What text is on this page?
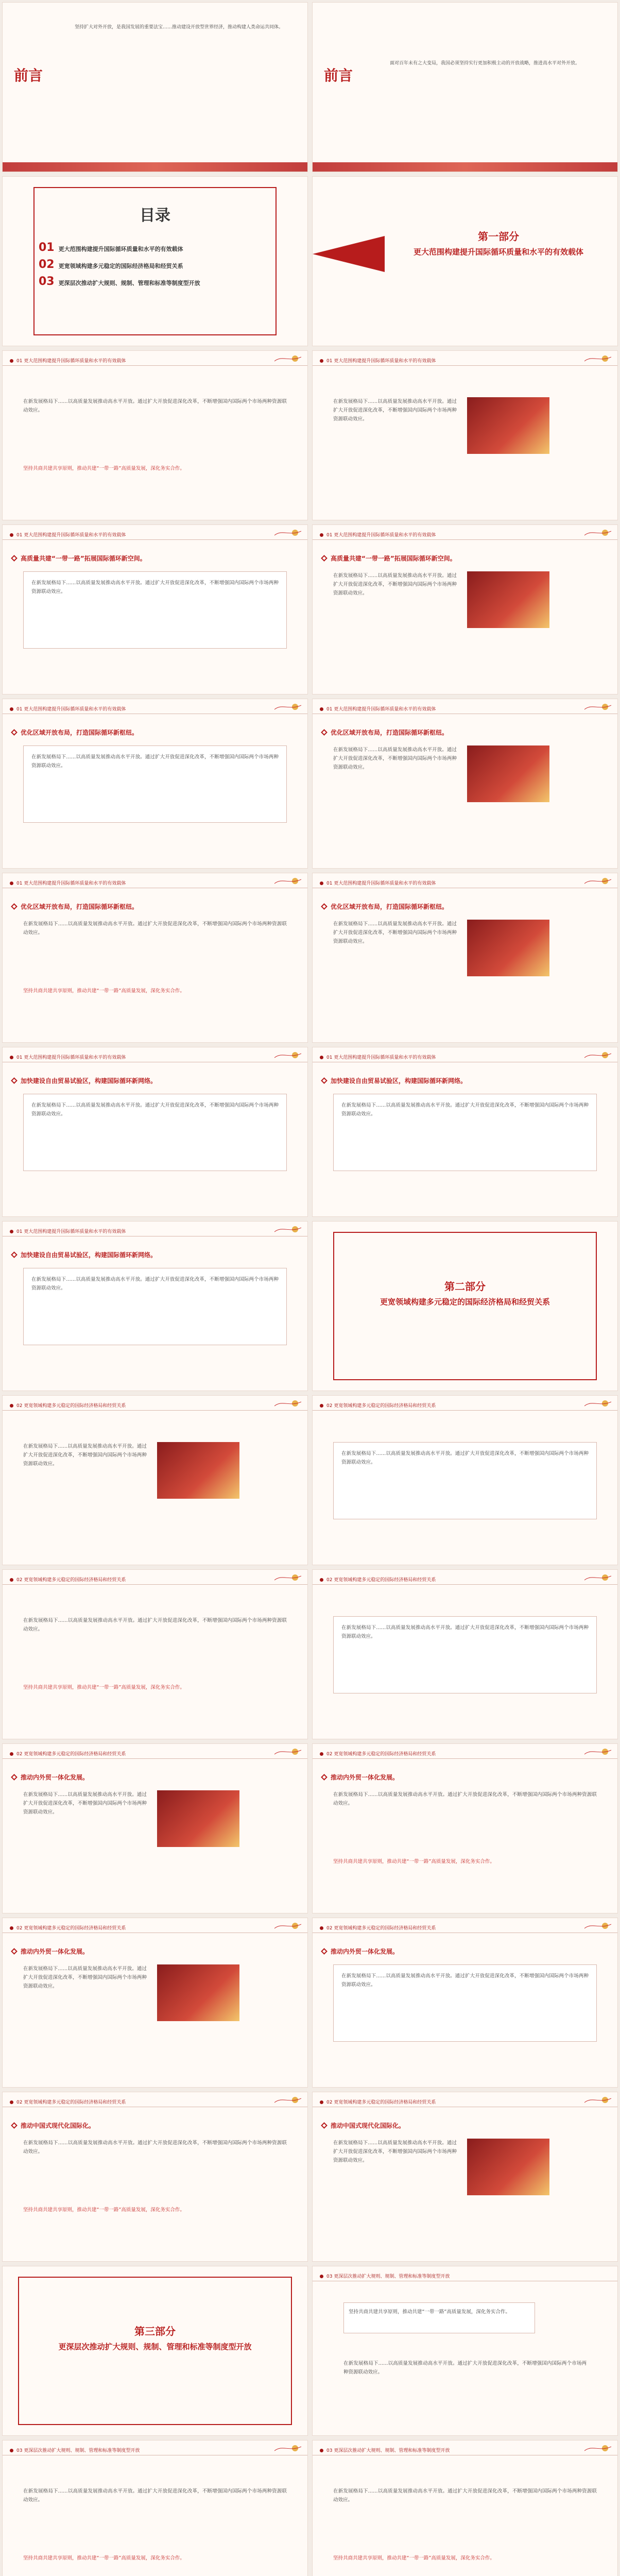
前言
坚持扩大对外开放，是我国发展的重要法宝……推动建设开放型世界经济，推动构建人类命运共同体。
前言
面对百年未有之大变局，我国必须坚持实行更加积极主动的开放战略，推进高水平对外开放。
目录
01 更大范围构建提升国际循环质量和水平的有效载体
02 更宽领域构建多元稳定的国际经济格局和经贸关系
03 更深层次推动扩大规则、规制、管理和标准等制度型开放
第一部分
更大范围构建提升国际循环质量和水平的有效载体
01 更大范围构建提升国际循环质量和水平的有效载体
在新发展格局下……以高质量发展推动高水平开放。通过扩大开放促进深化改革，不断增强国内国际两个市场两种资源联动效应。
坚持共商共建共享原则，推动共建“一带一路”高质量发展，深化务实合作。
01 更大范围构建提升国际循环质量和水平的有效载体
在新发展格局下……以高质量发展推动高水平开放。通过扩大开放促进深化改革，不断增强国内国际两个市场两种资源联动效应。
01 更大范围构建提升国际循环质量和水平的有效载体
高质量共建“一带一路”拓展国际循环新空间。
在新发展格局下……以高质量发展推动高水平开放。通过扩大开放促进深化改革，不断增强国内国际两个市场两种资源联动效应。
01 更大范围构建提升国际循环质量和水平的有效载体
高质量共建“一带一路”拓展国际循环新空间。
在新发展格局下……以高质量发展推动高水平开放。通过扩大开放促进深化改革，不断增强国内国际两个市场两种资源联动效应。
01 更大范围构建提升国际循环质量和水平的有效载体
优化区域开放布局，打造国际循环新枢纽。
在新发展格局下……以高质量发展推动高水平开放。通过扩大开放促进深化改革，不断增强国内国际两个市场两种资源联动效应。
01 更大范围构建提升国际循环质量和水平的有效载体
优化区域开放布局，打造国际循环新枢纽。
在新发展格局下……以高质量发展推动高水平开放。通过扩大开放促进深化改革，不断增强国内国际两个市场两种资源联动效应。
01 更大范围构建提升国际循环质量和水平的有效载体
优化区域开放布局，打造国际循环新枢纽。
在新发展格局下……以高质量发展推动高水平开放。通过扩大开放促进深化改革，不断增强国内国际两个市场两种资源联动效应。
坚持共商共建共享原则，推动共建“一带一路”高质量发展，深化务实合作。
01 更大范围构建提升国际循环质量和水平的有效载体
优化区域开放布局，打造国际循环新枢纽。
在新发展格局下……以高质量发展推动高水平开放。通过扩大开放促进深化改革，不断增强国内国际两个市场两种资源联动效应。
01 更大范围构建提升国际循环质量和水平的有效载体
加快建设自由贸易试验区，构建国际循环新网络。
在新发展格局下……以高质量发展推动高水平开放。通过扩大开放促进深化改革，不断增强国内国际两个市场两种资源联动效应。
01 更大范围构建提升国际循环质量和水平的有效载体
加快建设自由贸易试验区，构建国际循环新网络。
在新发展格局下……以高质量发展推动高水平开放。通过扩大开放促进深化改革，不断增强国内国际两个市场两种资源联动效应。
01 更大范围构建提升国际循环质量和水平的有效载体
加快建设自由贸易试验区，构建国际循环新网络。
在新发展格局下……以高质量发展推动高水平开放。通过扩大开放促进深化改革，不断增强国内国际两个市场两种资源联动效应。	第二部分
更宽领域构建多元稳定的国际经济格局和经贸关系
02 更宽领域构建多元稳定的国际经济格局和经贸关系
在新发展格局下……以高质量发展推动高水平开放。通过扩大开放促进深化改革，不断增强国内国际两个市场两种资源联动效应。
02 更宽领域构建多元稳定的国际经济格局和经贸关系
在新发展格局下……以高质量发展推动高水平开放。通过扩大开放促进深化改革，不断增强国内国际两个市场两种资源联动效应。
02 更宽领域构建多元稳定的国际经济格局和经贸关系
在新发展格局下……以高质量发展推动高水平开放。通过扩大开放促进深化改革，不断增强国内国际两个市场两种资源联动效应。
坚持共商共建共享原则，推动共建“一带一路”高质量发展，深化务实合作。
02 更宽领域构建多元稳定的国际经济格局和经贸关系
在新发展格局下……以高质量发展推动高水平开放。通过扩大开放促进深化改革，不断增强国内国际两个市场两种资源联动效应。
02 更宽领域构建多元稳定的国际经济格局和经贸关系
推动内外贸一体化发展。
在新发展格局下……以高质量发展推动高水平开放。通过扩大开放促进深化改革，不断增强国内国际两个市场两种资源联动效应。
02 更宽领域构建多元稳定的国际经济格局和经贸关系
推动内外贸一体化发展。
在新发展格局下……以高质量发展推动高水平开放。通过扩大开放促进深化改革，不断增强国内国际两个市场两种资源联动效应。
坚持共商共建共享原则，推动共建“一带一路”高质量发展，深化务实合作。
02 更宽领域构建多元稳定的国际经济格局和经贸关系
推动内外贸一体化发展。
在新发展格局下……以高质量发展推动高水平开放。通过扩大开放促进深化改革，不断增强国内国际两个市场两种资源联动效应。
02 更宽领域构建多元稳定的国际经济格局和经贸关系
推动内外贸一体化发展。
在新发展格局下……以高质量发展推动高水平开放。通过扩大开放促进深化改革，不断增强国内国际两个市场两种资源联动效应。
02 更宽领域构建多元稳定的国际经济格局和经贸关系
推动中国式现代化国际化。
在新发展格局下……以高质量发展推动高水平开放。通过扩大开放促进深化改革，不断增强国内国际两个市场两种资源联动效应。
坚持共商共建共享原则，推动共建“一带一路”高质量发展，深化务实合作。
02 更宽领域构建多元稳定的国际经济格局和经贸关系
推动中国式现代化国际化。
在新发展格局下……以高质量发展推动高水平开放。通过扩大开放促进深化改革，不断增强国内国际两个市场两种资源联动效应。
第三部分
更深层次推动扩大规则、规制、管理和标准等制度型开放
03 更深层次推动扩大规则、规制、管理和标准等制度型开放
坚持共商共建共享原则，推动共建“一带一路”高质量发展，深化务实合作。
在新发展格局下……以高质量发展推动高水平开放。通过扩大开放促进深化改革，不断增强国内国际两个市场两种资源联动效应。
03 更深层次推动扩大规则、规制、管理和标准等制度型开放
在新发展格局下……以高质量发展推动高水平开放。通过扩大开放促进深化改革，不断增强国内国际两个市场两种资源联动效应。
坚持共商共建共享原则，推动共建“一带一路”高质量发展，深化务实合作。
03 更深层次推动扩大规则、规制、管理和标准等制度型开放
在新发展格局下……以高质量发展推动高水平开放。通过扩大开放促进深化改革，不断增强国内国际两个市场两种资源联动效应。
坚持共商共建共享原则，推动共建“一带一路”高质量发展，深化务实合作。
